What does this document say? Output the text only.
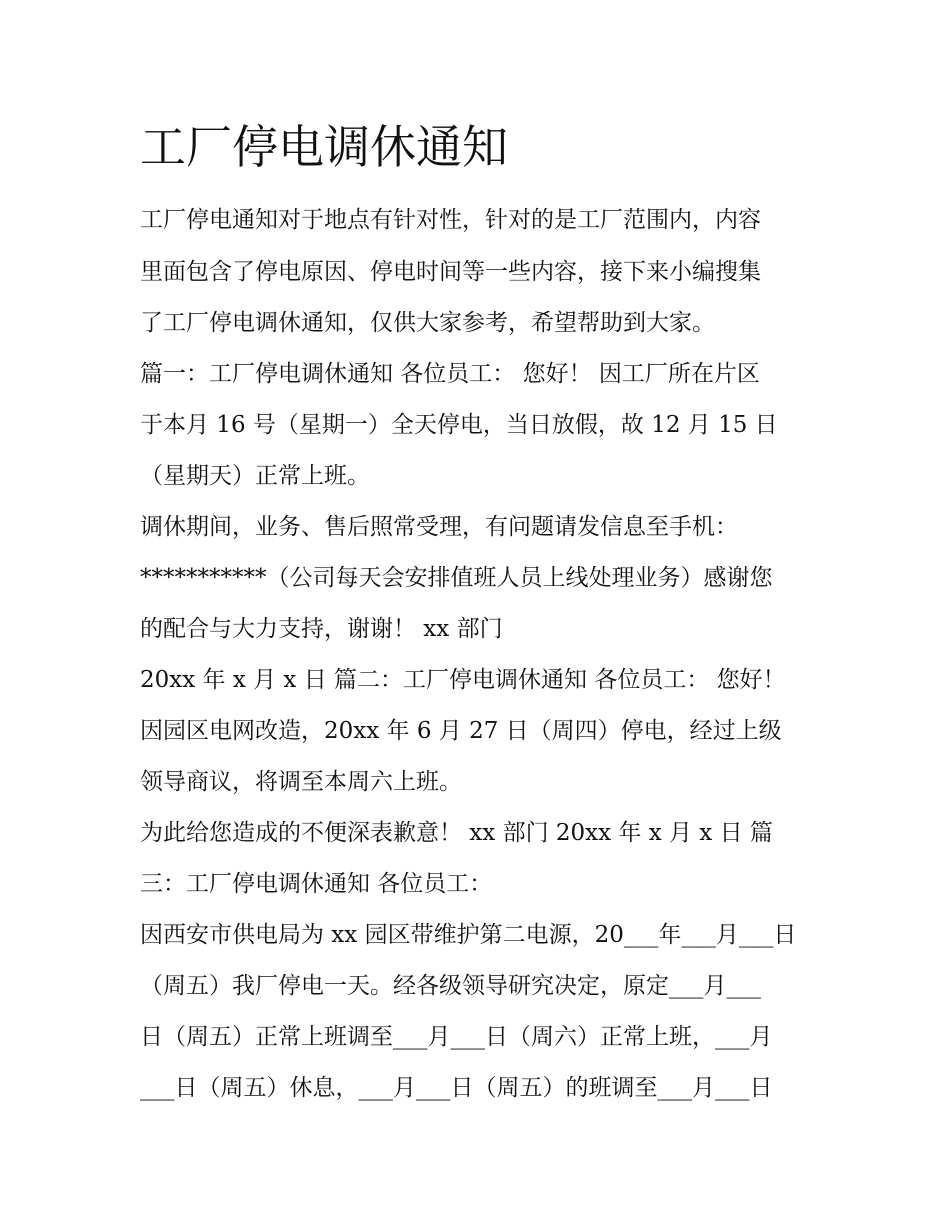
工厂停电调休通知

工厂停电通知对于地点有针对性，针对的是工厂范围内，内容

里面包含了停电原因、停电时间等一些内容，接下来小编搜集

了工厂停电调休通知，仅供大家参考，希望帮助到大家。

篇一：工厂停电调休通知 各位员工： 您好！ 因工厂所在片区

于本月 16 号（星期一）全天停电，当日放假，故 12 月 15 日

（星期天）正常上班。

调休期间，业务、售后照常受理，有问题请发信息至手机：

***********（公司每天会安排值班人员上线处理业务）感谢您

的配合与大力支持，谢谢！ xx 部门

20xx 年 x 月 x 日 篇二：工厂停电调休通知 各位员工： 您好！

因园区电网改造，20xx 年 6 月 27 日（周四）停电，经过上级

领导商议，将调至本周六上班。

为此给您造成的不便深表歉意！ xx 部门 20xx 年 x 月 x 日 篇

三：工厂停电调休通知 各位员工：

因西安市供电局为 xx 园区带维护第二电源，20___年___月___日

（周五）我厂停电一天。经各级领导研究决定，原定___月___

日（周五）正常上班调至___月___日（周六）正常上班，___月

___日（周五）休息，___月___日（周五）的班调至___月___日
